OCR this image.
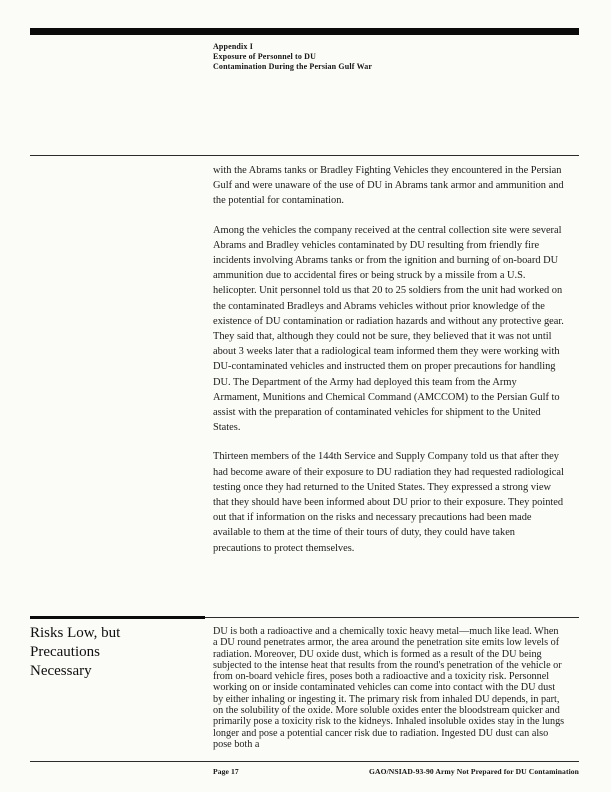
Appendix I
Exposure of Personnel to DU
Contamination During the Persian Gulf War

with the Abrams tanks or Bradley Fighting Vehicles they encountered in the Persian Gulf and were unaware of the use of DU in Abrams tank armor and ammunition and the potential for contamination.

Among the vehicles the company received at the central collection site were several Abrams and Bradley vehicles contaminated by DU resulting from friendly fire incidents involving Abrams tanks or from the ignition and burning of on-board DU ammunition due to accidental fires or being struck by a missile from a U.S. helicopter. Unit personnel told us that 20 to 25 soldiers from the unit had worked on the contaminated Bradleys and Abrams vehicles without prior knowledge of the existence of DU contamination or radiation hazards and without any protective gear. They said that, although they could not be sure, they believed that it was not until about 3 weeks later that a radiological team informed them they were working with DU-contaminated vehicles and instructed them on proper precautions for handling DU. The Department of the Army had deployed this team from the Army Armament, Munitions and Chemical Command (AMCCOM) to the Persian Gulf to assist with the preparation of contaminated vehicles for shipment to the United States.

Thirteen members of the 144th Service and Supply Company told us that after they had become aware of their exposure to DU radiation they had requested radiological testing once they had returned to the United States. They expressed a strong view that they should have been informed about DU prior to their exposure. They pointed out that if information on the risks and necessary precautions had been made available to them at the time of their tours of duty, they could have taken precautions to protect themselves.

Risks Low, but Precautions Necessary

DU is both a radioactive and a chemically toxic heavy metal—much like lead. When a DU round penetrates armor, the area around the penetration site emits low levels of radiation. Moreover, DU oxide dust, which is formed as a result of the DU being subjected to the intense heat that results from the round's penetration of the vehicle or from on-board vehicle fires, poses both a radioactive and a toxicity risk. Personnel working on or inside contaminated vehicles can come into contact with the DU dust by either inhaling or ingesting it. The primary risk from inhaled DU depends, in part, on the solubility of the oxide. More soluble oxides enter the bloodstream quicker and primarily pose a toxicity risk to the kidneys. Inhaled insoluble oxides stay in the lungs longer and pose a potential cancer risk due to radiation. Ingested DU dust can also pose both a

Page 17	GAO/NSIAD-93-90 Army Not Prepared for DU Contamination
